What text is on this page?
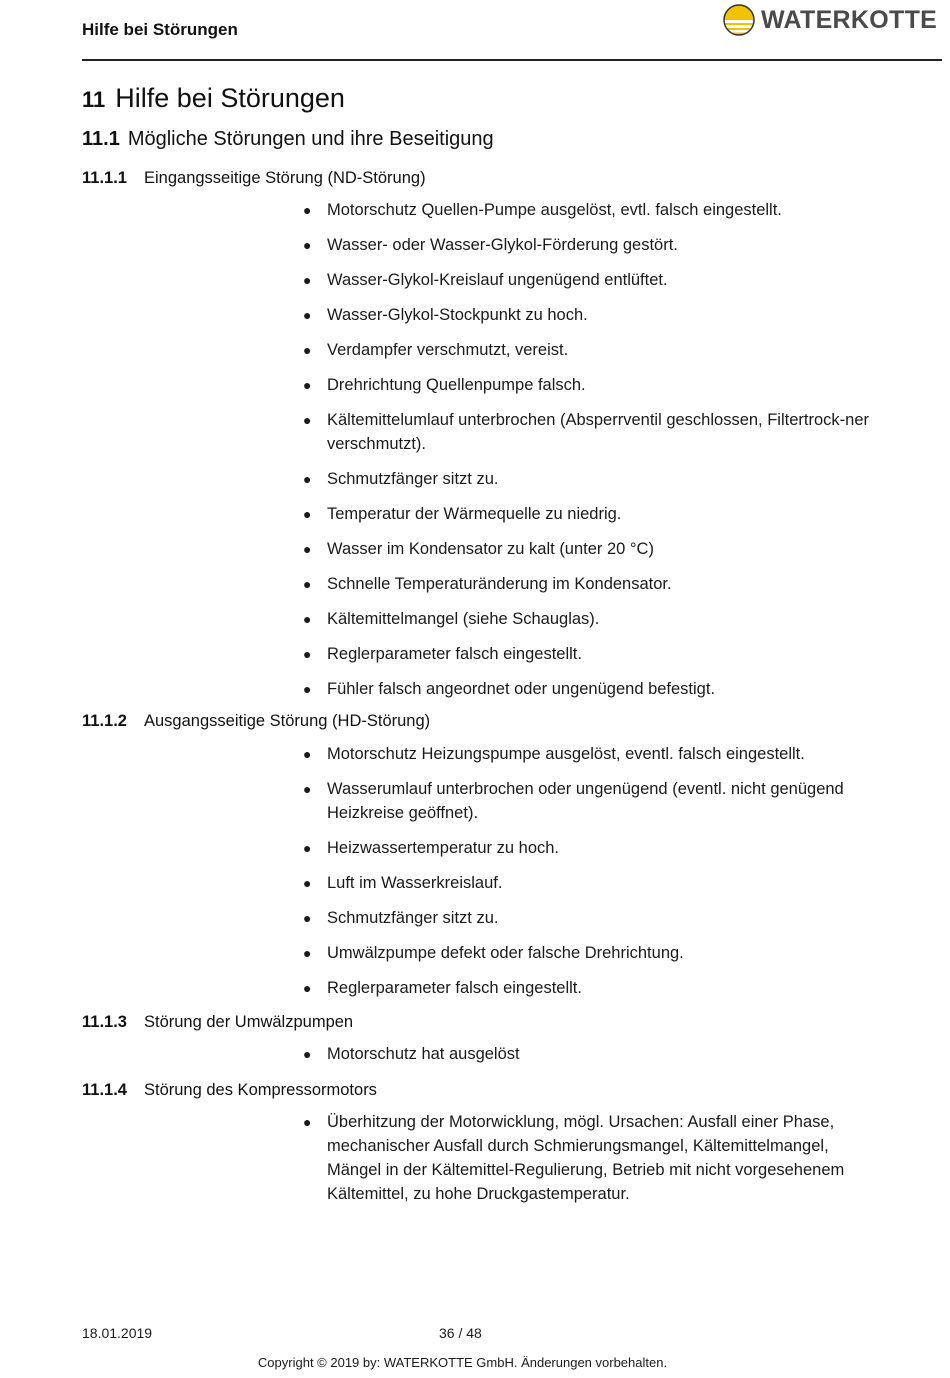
Hilfe bei Störungen	WATERKOTTE
11 Hilfe bei Störungen
11.1 Mögliche Störungen und ihre Beseitigung
11.1.1 Eingangsseitige Störung (ND-Störung)
● Motorschutz Quellen-Pumpe ausgelöst, evtl. falsch eingestellt.
● Wasser- oder Wasser-Glykol-Förderung gestört.
● Wasser-Glykol-Kreislauf ungenügend entlüftet.
● Wasser-Glykol-Stockpunkt zu hoch.
● Verdampfer verschmutzt, vereist.
● Drehrichtung Quellenpumpe falsch.
● Kältemittelumlauf unterbrochen (Absperrventil geschlossen, Filtertrock-ner verschmutzt).
● Schmutzfänger sitzt zu.
● Temperatur der Wärmequelle zu niedrig.
● Wasser im Kondensator zu kalt (unter 20 °C)
● Schnelle Temperaturänderung im Kondensator.
● Kältemittelmangel (siehe Schauglas).
● Reglerparameter falsch eingestellt.
● Fühler falsch angeordnet oder ungenügend befestigt.
11.1.2 Ausgangsseitige Störung (HD-Störung)
● Motorschutz Heizungspumpe ausgelöst, eventl. falsch eingestellt.
● Wasserumlauf unterbrochen oder ungenügend (eventl. nicht genügend Heizkreise geöffnet).
● Heizwassertemperatur zu hoch.
● Luft im Wasserkreislauf.
● Schmutzfänger sitzt zu.
● Umwälzpumpe defekt oder falsche Drehrichtung.
● Reglerparameter falsch eingestellt.
11.1.3 Störung der Umwälzpumpen
● Motorschutz hat ausgelöst
11.1.4 Störung des Kompressormotors
● Überhitzung der Motorwicklung, mögl. Ursachen: Ausfall einer Phase, mechanischer Ausfall durch Schmierungsmangel, Kältemittelmangel, Mängel in der Kältemittel-Regulierung, Betrieb mit nicht vorgesehenem Kältemittel, zu hohe Druckgastemperatur.
18.01.2019	36 / 48
Copyright © 2019 by: WATERKOTTE GmbH. Änderungen vorbehalten.
